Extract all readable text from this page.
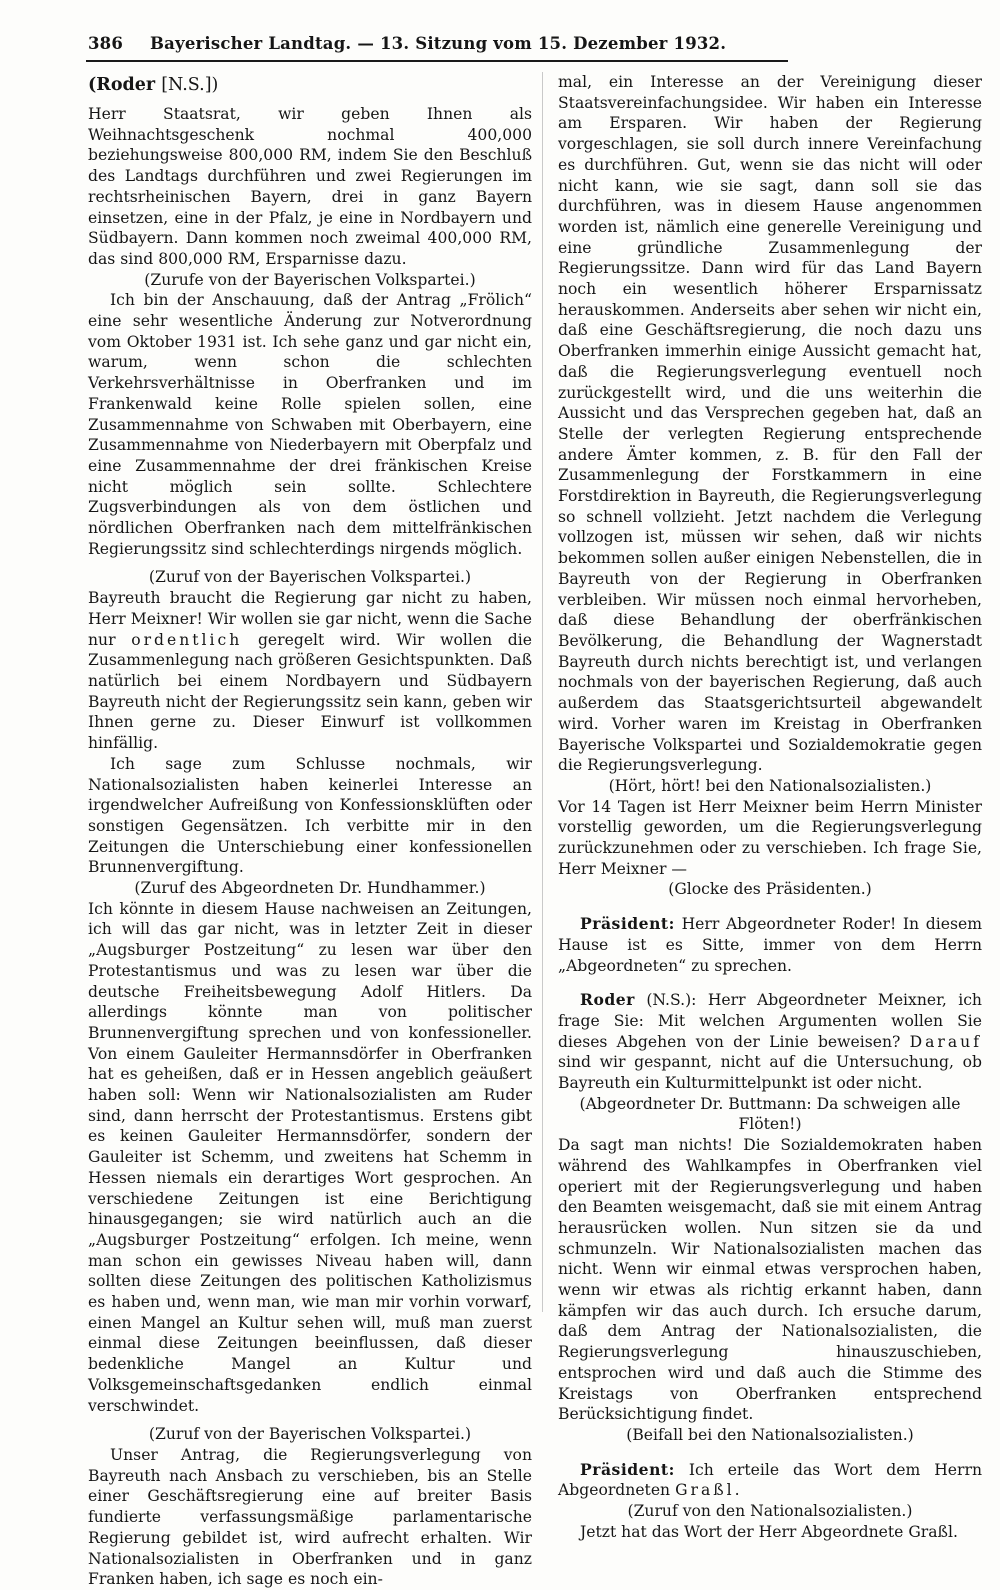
386 Bayerischer Landtag. — 13. Sitzung vom 15. Dezember 1932.

(Roder [N.S.])

Herr Staatsrat, wir geben Ihnen als Weihnachtsgeschenk nochmal 400,000 beziehungsweise 800,000 RM, indem Sie den Beschluß des Landtags durchführen und zwei Regierungen im rechtsrheinischen Bayern, drei in ganz Bayern einsetzen, eine in der Pfalz, je eine in Nordbayern und Südbayern. Dann kommen noch zweimal 400,000 RM, das sind 800,000 RM, Ersparnisse dazu.

(Zurufe von der Bayerischen Volkspartei.)

Ich bin der Anschauung, daß der Antrag „Frölich“ eine sehr wesentliche Änderung zur Notverordnung vom Oktober 1931 ist. Ich sehe ganz und gar nicht ein, warum, wenn schon die schlechten Verkehrsverhältnisse in Oberfranken und im Frankenwald keine Rolle spielen sollen, eine Zusammennahme von Schwaben mit Oberbayern, eine Zusammennahme von Niederbayern mit Oberpfalz und eine Zusammennahme der drei fränkischen Kreise nicht möglich sein sollte. Schlechtere Zugsverbindungen als von dem östlichen und nördlichen Oberfranken nach dem mittelfränkischen Regierungssitz sind schlechterdings nirgends möglich.

(Zuruf von der Bayerischen Volkspartei.)

Bayreuth braucht die Regierung gar nicht zu haben, Herr Meixner! Wir wollen sie gar nicht, wenn die Sache nur ordentlich geregelt wird. Wir wollen die Zusammenlegung nach größeren Gesichtspunkten. Daß natürlich bei einem Nordbayern und Südbayern Bayreuth nicht der Regierungssitz sein kann, geben wir Ihnen gerne zu. Dieser Einwurf ist vollkommen hinfällig.

Ich sage zum Schlusse nochmals, wir Nationalsozialisten haben keinerlei Interesse an irgendwelcher Aufreißung von Konfessionsklüften oder sonstigen Gegensätzen. Ich verbitte mir in den Zeitungen die Unterschiebung einer konfessionellen Brunnenvergiftung.

(Zuruf des Abgeordneten Dr. Hundhammer.)

Ich könnte in diesem Hause nachweisen an Zeitungen, ich will das gar nicht, was in letzter Zeit in dieser „Augsburger Postzeitung“ zu lesen war über den Protestantismus und was zu lesen war über die deutsche Freiheitsbewegung Adolf Hitlers. Da allerdings könnte man von politischer Brunnenvergiftung sprechen und von konfessioneller. Von einem Gauleiter Hermannsdörfer in Oberfranken hat es geheißen, daß er in Hessen angeblich geäußert haben soll: Wenn wir Nationalsozialisten am Ruder sind, dann herrscht der Protestantismus. Erstens gibt es keinen Gauleiter Hermannsdörfer, sondern der Gauleiter ist Schemm, und zweitens hat Schemm in Hessen niemals ein derartiges Wort gesprochen. An verschiedene Zeitungen ist eine Berichtigung hinausgegangen; sie wird natürlich auch an die „Augsburger Postzeitung“ erfolgen. Ich meine, wenn man schon ein gewisses Niveau haben will, dann sollten diese Zeitungen des politischen Katholizismus es haben und, wenn man, wie man mir vorhin vorwarf, einen Mangel an Kultur sehen will, muß man zuerst einmal diese Zeitungen beeinflussen, daß dieser bedenkliche Mangel an Kultur und Volksgemeinschaftsgedanken endlich einmal verschwindet.

(Zuruf von der Bayerischen Volkspartei.)

Unser Antrag, die Regierungsverlegung von Bayreuth nach Ansbach zu verschieben, bis an Stelle einer Geschäftsregierung eine auf breiter Basis fundierte verfassungsmäßige parlamentarische Regierung gebildet ist, wird aufrecht erhalten. Wir Nationalsozialisten in Oberfranken und in ganz Franken haben, ich sage es noch ein-

mal, ein Interesse an der Vereinigung dieser Staatsvereinfachungsidee. Wir haben ein Interesse am Ersparen. Wir haben der Regierung vorgeschlagen, sie soll durch innere Vereinfachung es durchführen. Gut, wenn sie das nicht will oder nicht kann, wie sie sagt, dann soll sie das durchführen, was in diesem Hause angenommen worden ist, nämlich eine generelle Vereinigung und eine gründliche Zusammenlegung der Regierungssitze. Dann wird für das Land Bayern noch ein wesentlich höherer Ersparnissatz herauskommen. Anderseits aber sehen wir nicht ein, daß eine Geschäftsregierung, die noch dazu uns Oberfranken immerhin einige Aussicht gemacht hat, daß die Regierungsverlegung eventuell noch zurückgestellt wird, und die uns weiterhin die Aussicht und das Versprechen gegeben hat, daß an Stelle der verlegten Regierung entsprechende andere Ämter kommen, z. B. für den Fall der Zusammenlegung der Forstkammern in eine Forstdirektion in Bayreuth, die Regierungsverlegung so schnell vollzieht. Jetzt nachdem die Verlegung vollzogen ist, müssen wir sehen, daß wir nichts bekommen sollen außer einigen Nebenstellen, die in Bayreuth von der Regierung in Oberfranken verbleiben. Wir müssen noch einmal hervorheben, daß diese Behandlung der oberfränkischen Bevölkerung, die Behandlung der Wagnerstadt Bayreuth durch nichts berechtigt ist, und verlangen nochmals von der bayerischen Regierung, daß auch außerdem das Staatsgerichtsurteil abgewandelt wird. Vorher waren im Kreistag in Oberfranken Bayerische Volkspartei und Sozialdemokratie gegen die Regierungsverlegung.

(Hört, hört! bei den Nationalsozialisten.)

Vor 14 Tagen ist Herr Meixner beim Herrn Minister vorstellig geworden, um die Regierungsverlegung zurückzunehmen oder zu verschieben. Ich frage Sie, Herr Meixner —

(Glocke des Präsidenten.)

Präsident: Herr Abgeordneter Roder! In diesem Hause ist es Sitte, immer von dem Herrn „Abgeordneten“ zu sprechen.

Roder (N.S.): Herr Abgeordneter Meixner, ich frage Sie: Mit welchen Argumenten wollen Sie dieses Abgehen von der Linie beweisen? Darauf sind wir gespannt, nicht auf die Untersuchung, ob Bayreuth ein Kulturmittelpunkt ist oder nicht.

(Abgeordneter Dr. Buttmann: Da schweigen alle Flöten!)

Da sagt man nichts! Die Sozialdemokraten haben während des Wahlkampfes in Oberfranken viel operiert mit der Regierungsverlegung und haben den Beamten weisgemacht, daß sie mit einem Antrag herausrücken wollen. Nun sitzen sie da und schmunzeln. Wir Nationalsozialisten machen das nicht. Wenn wir einmal etwas versprochen haben, wenn wir etwas als richtig erkannt haben, dann kämpfen wir das auch durch. Ich ersuche darum, daß dem Antrag der Nationalsozialisten, die Regierungsverlegung hinauszuschieben, entsprochen wird und daß auch die Stimme des Kreistags von Oberfranken entsprechend Berücksichtigung findet.

(Beifall bei den Nationalsozialisten.)

Präsident: Ich erteile das Wort dem Herrn Abgeordneten Graßl.

(Zuruf von den Nationalsozialisten.)

Jetzt hat das Wort der Herr Abgeordnete Graßl.
